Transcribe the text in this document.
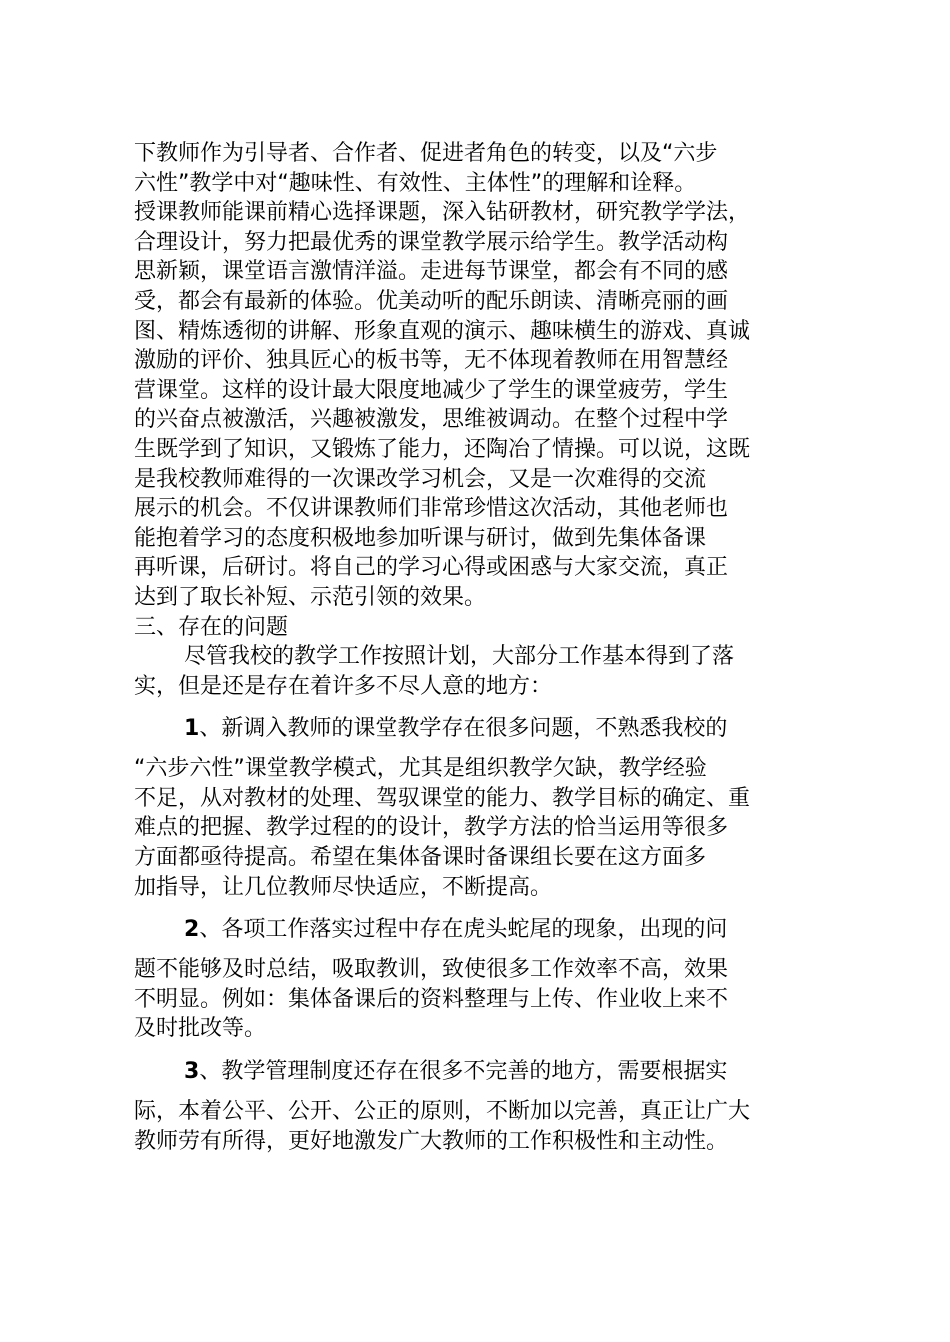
下教师作为引导者、合作者、促进者角色的转变，以及“六步
六性”教学中对“趣味性、有效性、主体性”的理解和诠释。
授课教师能课前精心选择课题，深入钻研教材，研究教学学法，
合理设计，努力把最优秀的课堂教学展示给学生。教学活动构
思新颖，课堂语言激情洋溢。走进每节课堂，都会有不同的感
受，都会有最新的体验。优美动听的配乐朗读、清晰亮丽的画
图、精炼透彻的讲解、形象直观的演示、趣味横生的游戏、真诚
激励的评价、独具匠心的板书等，无不体现着教师在用智慧经
营课堂。这样的设计最大限度地减少了学生的课堂疲劳，学生
的兴奋点被激活，兴趣被激发，思维被调动。在整个过程中学
生既学到了知识，又锻炼了能力，还陶冶了情操。可以说，这既
是我校教师难得的一次课改学习机会，又是一次难得的交流
展示的机会。不仅讲课教师们非常珍惜这次活动，其他老师也
能抱着学习的态度积极地参加听课与研讨，做到先集体备课
再听课，后研讨。将自己的学习心得或困惑与大家交流，真正
达到了取长补短、示范引领的效果。
三、存在的问题
尽管我校的教学工作按照计划，大部分工作基本得到了落
实，但是还是存在着许多不尽人意的地方：
1、新调入教师的课堂教学存在很多问题，不熟悉我校的
“六步六性”课堂教学模式，尤其是组织教学欠缺，教学经验
不足，从对教材的处理、驾驭课堂的能力、教学目标的确定、重
难点的把握、教学过程的的设计，教学方法的恰当运用等很多
方面都亟待提高。希望在集体备课时备课组长要在这方面多
加指导，让几位教师尽快适应，不断提高。
2、各项工作落实过程中存在虎头蛇尾的现象，出现的问
题不能够及时总结，吸取教训，致使很多工作效率不高，效果
不明显。例如：集体备课后的资料整理与上传、作业收上来不
及时批改等。
3、教学管理制度还存在很多不完善的地方，需要根据实
际，本着公平、公开、公正的原则，不断加以完善，真正让广大
教师劳有所得，更好地激发广大教师的工作积极性和主动性。
